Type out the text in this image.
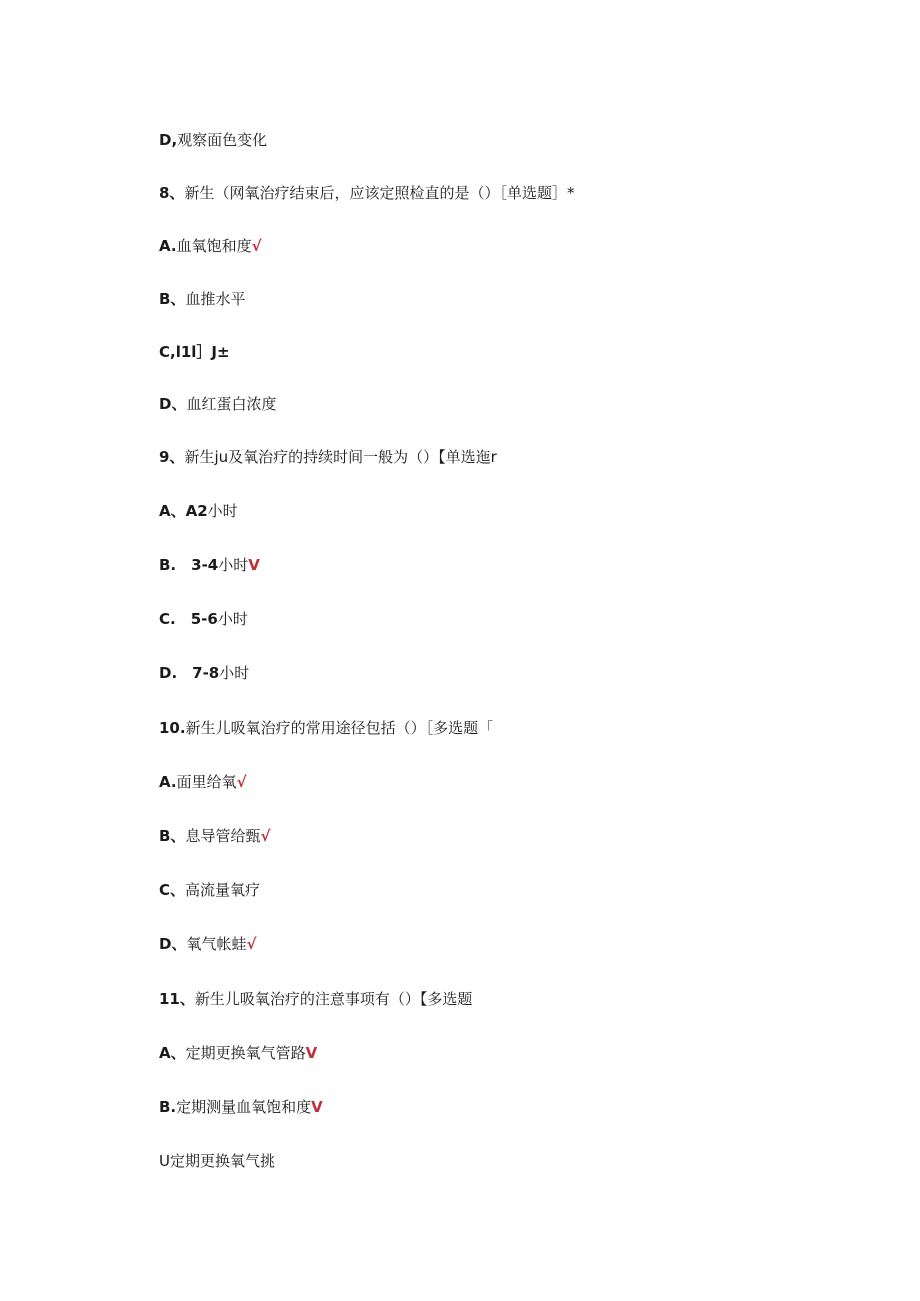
D,观察面色变化
8、新生（网氧治疗结束后，应该定照检直的是（）［单选题］*
A.血氧饱和度√
B、血推水平
C,l1l］J±
D、血红蛋白浓度
9、新生ju及氧治疗的持续时间一般为（）【单选迤r
A、A2小时
B.　3-4小时V
C.　5-6小时
D.　7-8小时
10.新生儿吸氧治疗的常用途径包括（）［多选题「
A.面里给氧√
B、息导管给甄√
C、高流量氧疗
D、氧气帐蛙√
11、新生儿吸氧治疗的注意事项有（）【多选题
A、定期更换氧气管路V
B.定期测量血氧饱和度V
U定期更换氧气挑
